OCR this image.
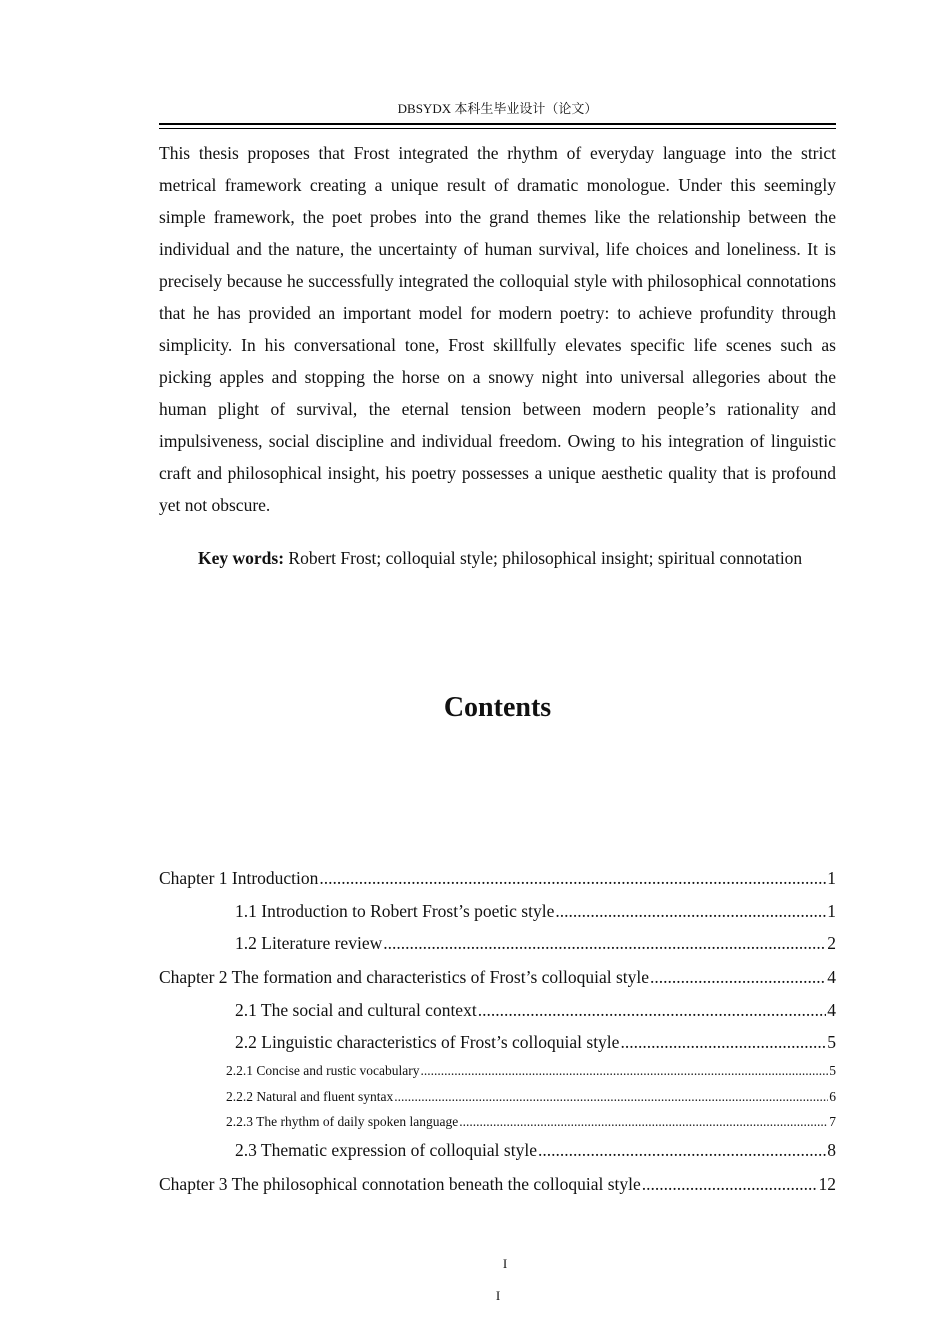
DBSYDX 本科生毕业设计（论文）

This thesis proposes that Frost integrated the rhythm of everyday language into the strict metrical framework creating a unique result of dramatic monologue. Under this seemingly simple framework, the poet probes into the grand themes like the relationship between the individual and the nature, the uncertainty of human survival, life choices and loneliness. It is precisely because he successfully integrated the colloquial style with philosophical connotations that he has provided an important model for modern poetry: to achieve profundity through simplicity. In his conversational tone, Frost skillfully elevates specific life scenes such as picking apples and stopping the horse on a snowy night into universal allegories about the human plight of survival, the eternal tension between modern people’s rationality and impulsiveness, social discipline and individual freedom. Owing to his integration of linguistic craft and philosophical insight, his poetry possesses a unique aesthetic quality that is profound yet not obscure.

Key words: Robert Frost; colloquial style; philosophical insight; spiritual connotation

Contents
Chapter 1 Introduction .....	1
1.1 Introduction to Robert Frost’s poetic style .....	1
1.2 Literature review .....	2
Chapter 2 The formation and characteristics of Frost’s colloquial style .....	4
2.1 The social and cultural context .....	4
2.2 Linguistic characteristics of Frost’s colloquial style .....	5
2.2.1 Concise and rustic vocabulary .....	5
2.2.2 Natural and fluent syntax .....	6
2.2.3 The rhythm of daily spoken language .....	7
2.3 Thematic expression of colloquial style .....	8
Chapter 3 The philosophical connotation beneath the colloquial style .....	12
I
I
